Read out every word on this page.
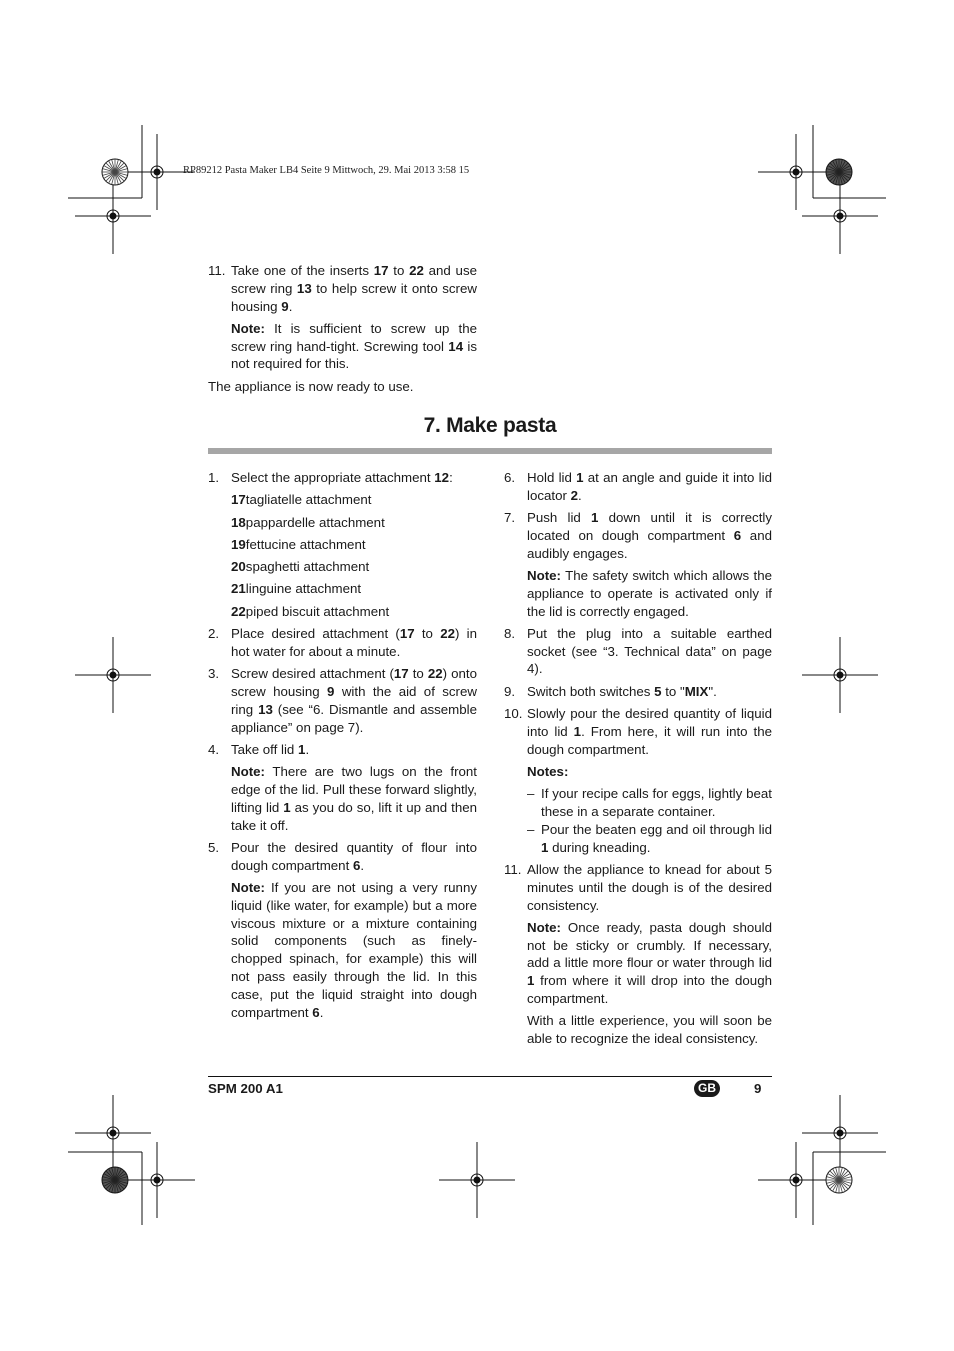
RP89212 Pasta Maker LB4 Seite 9 Mittwoch, 29. Mai 2013 3:58 15
11. Take one of the inserts 17 to 22 and use screw ring 13 to help screw it onto screw housing 9.
Note: It is sufficient to screw up the screw ring hand-tight. Screwing tool 14 is not required for this.
The appliance is now ready to use.
7. Make pasta
1. Select the appropriate attachment 12:
17tagliatelle attachment
18pappardelle attachment
19fettucine attachment
20spaghetti attachment
21linguine attachment
22piped biscuit attachment
2. Place desired attachment (17 to 22) in hot water for about a minute.
3. Screw desired attachment (17 to 22) onto screw housing 9 with the aid of screw ring 13 (see “6. Dismantle and assemble appliance” on page 7).
4. Take off lid 1.
Note: There are two lugs on the front edge of the lid. Pull these forward slightly, lifting lid 1 as you do so, lift it up and then take it off.
5. Pour the desired quantity of flour into dough compartment 6.
Note: If you are not using a very runny liquid (like water, for example) but a more viscous mixture or a mixture containing solid components (such as finely-chopped spinach, for example) this will not pass easily through the lid. In this case, put the liquid straight into dough compartment 6.
6. Hold lid 1 at an angle and guide it into lid locator 2.
7. Push lid 1 down until it is correctly located on dough compartment 6 and audibly engages.
Note: The safety switch which allows the appliance to operate is activated only if the lid is correctly engaged.
8. Put the plug into a suitable earthed socket (see “3. Technical data” on page 4).
9. Switch both switches 5 to "MIX".
10. Slowly pour the desired quantity of liquid into lid 1. From here, it will run into the dough compartment.
Notes:
– If your recipe calls for eggs, lightly beat these in a separate container.
– Pour the beaten egg and oil through lid 1 during kneading.
11. Allow the appliance to knead for about 5 minutes until the dough is of the desired consistency.
Note: Once ready, pasta dough should not be sticky or crumbly. If necessary, add a little more flour or water through lid 1 from where it will drop into the dough compartment.
With a little experience, you will soon be able to recognize the ideal consistency.
SPM 200 A1	GB	9
